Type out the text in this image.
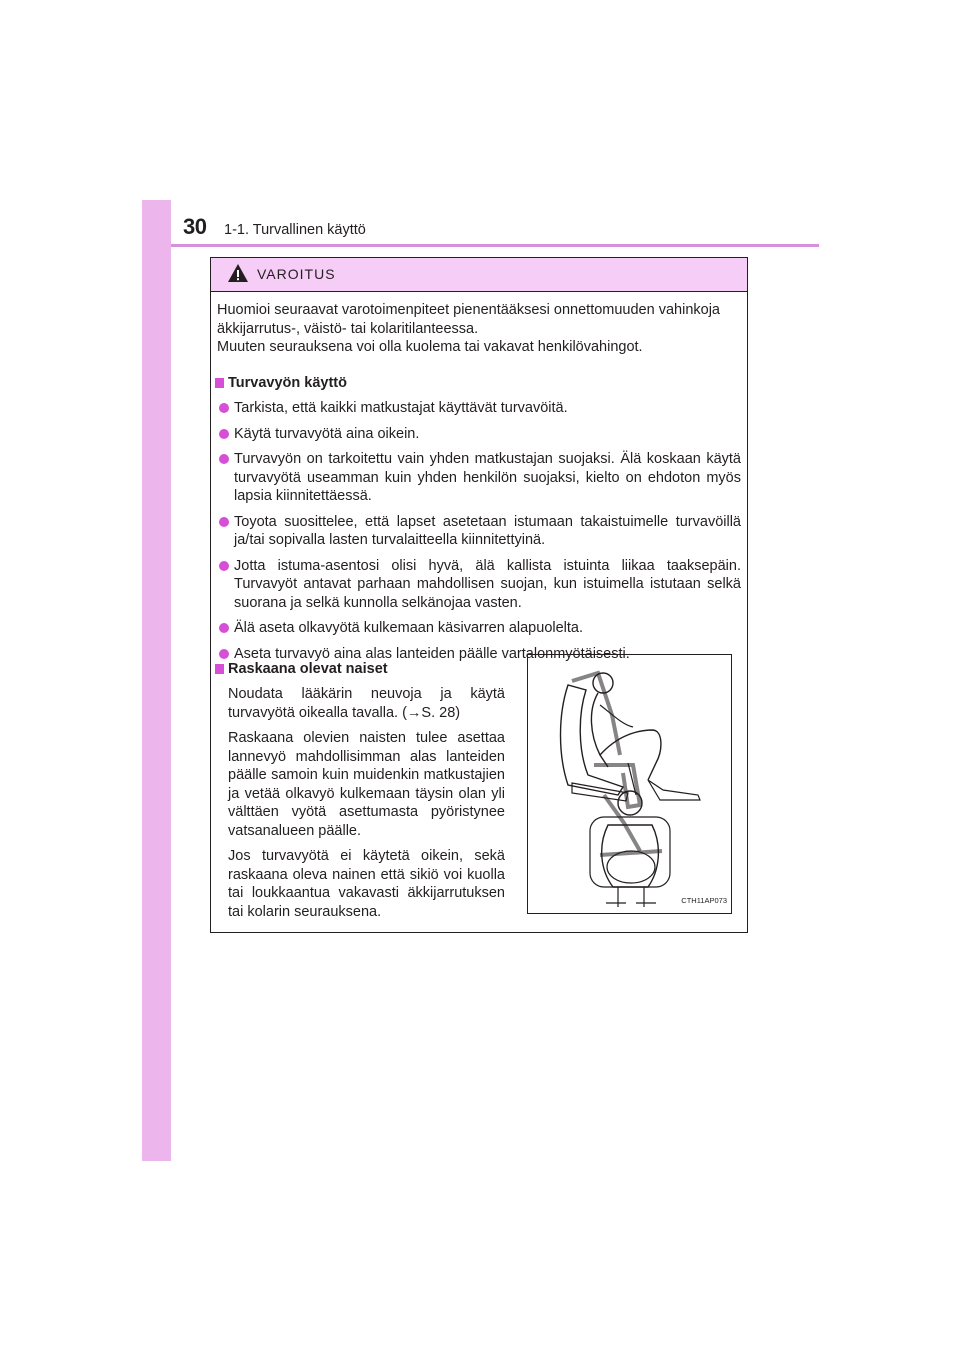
30 1-1. Turvallinen käyttö
VAROITUS

Huomioi seuraavat varotoimenpiteet pienentääksesi onnettomuuden vahinkoja äkkijarrutus-, väistö- tai kolaritilanteessa.

Muuten seurauksena voi olla kuolema tai vakavat henkilövahingot.

Turvavyön käyttö
Tarkista, että kaikki matkustajat käyttävät turvavöitä.
Käytä turvavyötä aina oikein.
Turvavyön on tarkoitettu vain yhden matkustajan suojaksi. Älä koskaan käytä turvavyötä useamman kuin yhden henkilön suojaksi, kielto on ehdoton myös lapsia kiinnitettäessä.
Toyota suosittelee, että lapset asetetaan istumaan takaistuimelle turvavöillä ja/tai sopivalla lasten turvalaitteella kiinnitettyinä.
Jotta istuma-asentosi olisi hyvä, älä kallista istuinta liikaa taaksepäin. Turvavyöt antavat parhaan mahdollisen suojan, kun istuimella istutaan selkä suorana ja selkä kunnolla selkänojaa vasten.
Älä aseta olkavyötä kulkemaan käsivarren alapuolelta.
Aseta turvavyö aina alas lanteiden päälle vartalonmyötäisesti.
Raskaana olevat naiset

Noudata lääkärin neuvoja ja käytä turvavyötä oikealla tavalla. (→S. 28)

Raskaana olevien naisten tulee asettaa lannevyö mahdollisimman alas lanteiden päälle samoin kuin muidenkin matkustajien ja vetää olkavyö kulkemaan täysin olan yli välttäen vyötä asettumasta pyöristynee vatsanalueen päälle.

Jos turvavyötä ei käytetä oikein, sekä raskaana oleva nainen että sikiö voi kuolla tai loukkaantua vakavasti äkkijarrutuksen tai kolarin seurauksena.

CTH11AP073
